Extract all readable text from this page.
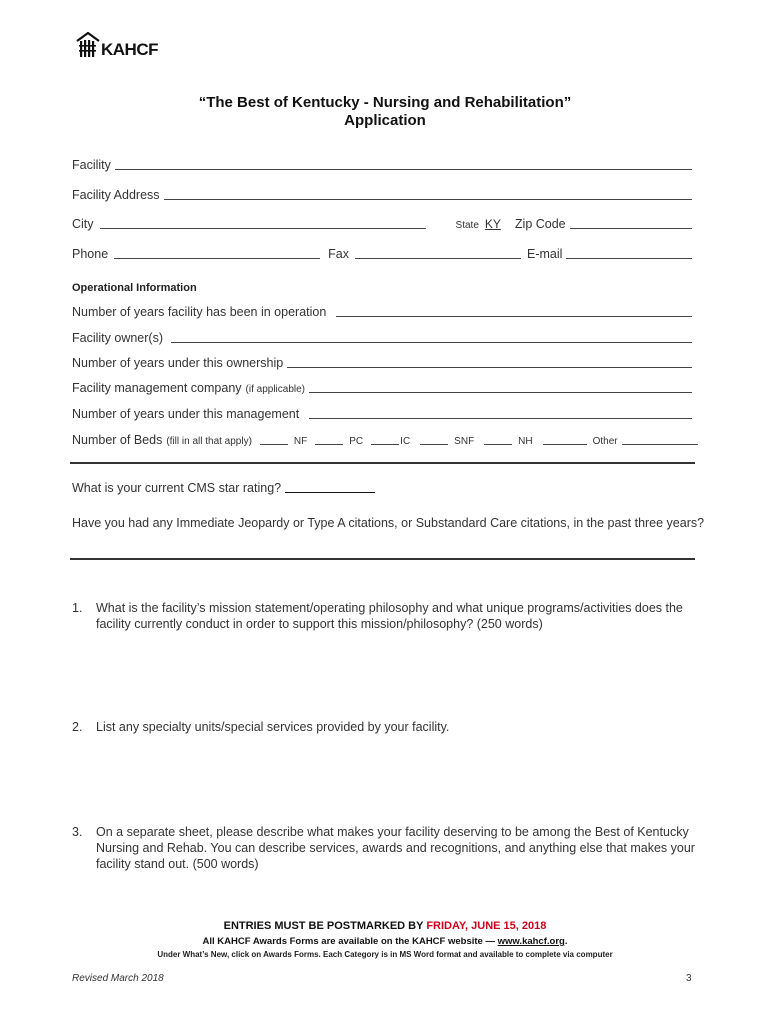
KAHCF
“The Best of Kentucky - Nursing and Rehabilitation”
Application
Facility
Facility Address
City	State KY Zip Code
Phone	Fax	E-mail
Operational Information
Number of years facility has been in operation
Facility owner(s)
Number of years under this ownership
Facility management company (if applicable)
Number of years under this management
Number of Beds (fill in all that apply)	NF	PC	IC	SNF	NH	Other
What is your current CMS star rating?
Have you had any Immediate Jeopardy or Type A citations, or Substandard Care citations, in the past three years?
1.	What is the facility’s mission statement/operating philosophy and what unique programs/activities does the facility currently conduct in order to support this mission/philosophy? (250 words)
2.	List any specialty units/special services provided by your facility.
3.	On a separate sheet, please describe what makes your facility deserving to be among the Best of Kentucky Nursing and Rehab. You can describe services, awards and recognitions, and anything else that makes your facility stand out. (500 words)
ENTRIES MUST BE POSTMARKED BY FRIDAY, JUNE 15, 2018
All KAHCF Awards Forms are available on the KAHCF website — www.kahcf.org.
Under What’s New, click on Awards Forms. Each Category is in MS Word format and available to complete via computer
Revised March 2018	3
